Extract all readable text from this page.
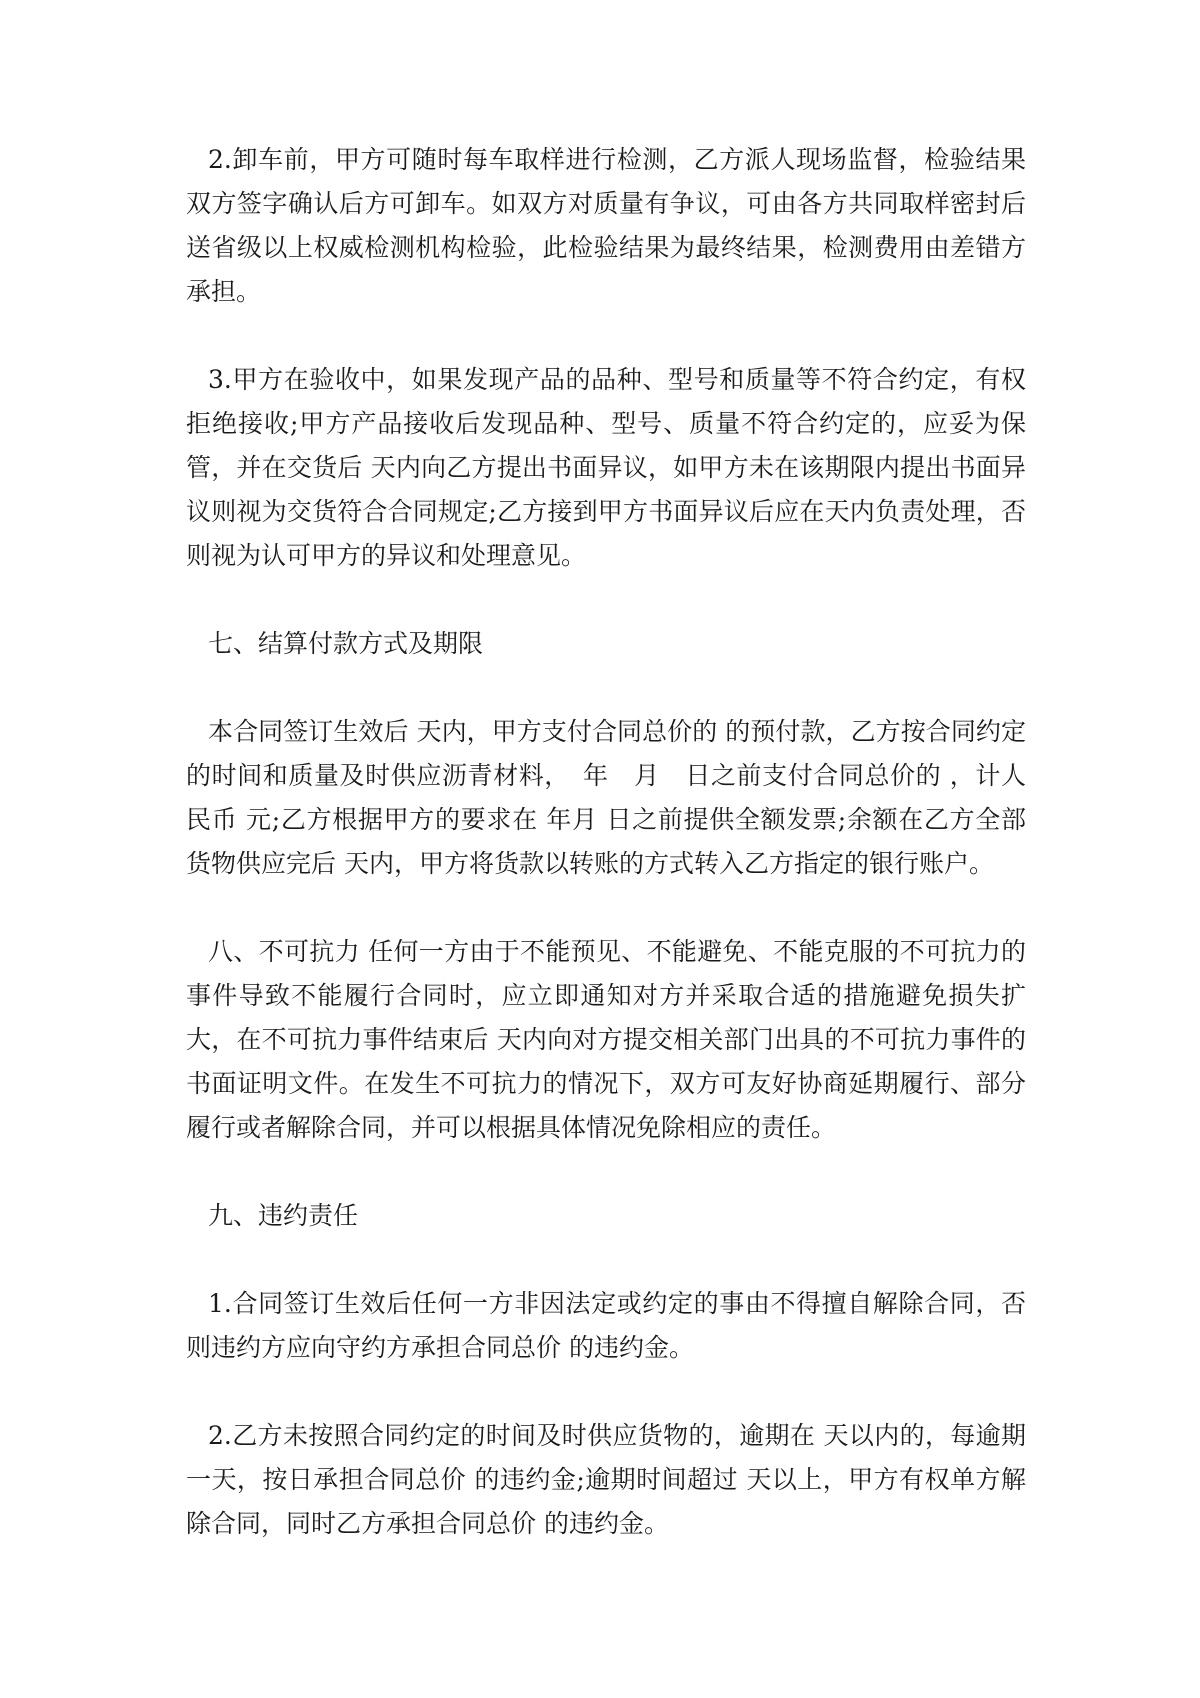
2.卸车前，甲方可随时每车取样进行检测，乙方派人现场监督，检验结果双方签字确认后方可卸车。如双方对质量有争议，可由各方共同取样密封后送省级以上权威检测机构检验，此检验结果为最终结果，检测费用由差错方承担。

3.甲方在验收中，如果发现产品的品种、型号和质量等不符合约定，有权拒绝接收;甲方产品接收后发现品种、型号、质量不符合约定的，应妥为保管，并在交货后 天内向乙方提出书面异议，如甲方未在该期限内提出书面异议则视为交货符合合同规定;乙方接到甲方书面异议后应在天内负责处理，否则视为认可甲方的异议和处理意见。

七、结算付款方式及期限

本合同签订生效后 天内，甲方支付合同总价的 的预付款，乙方按合同约定的时间和质量及时供应沥青材料，　年　月　日之前支付合同总价的 ，计人民币 元;乙方根据甲方的要求在 年月 日之前提供全额发票;余额在乙方全部货物供应完后 天内，甲方将货款以转账的方式转入乙方指定的银行账户。

八、不可抗力 任何一方由于不能预见、不能避免、不能克服的不可抗力的事件导致不能履行合同时，应立即通知对方并采取合适的措施避免损失扩大，在不可抗力事件结束后 天内向对方提交相关部门出具的不可抗力事件的书面证明文件。在发生不可抗力的情况下，双方可友好协商延期履行、部分履行或者解除合同，并可以根据具体情况免除相应的责任。

九、违约责任

1.合同签订生效后任何一方非因法定或约定的事由不得擅自解除合同，否则违约方应向守约方承担合同总价 的违约金。

2.乙方未按照合同约定的时间及时供应货物的，逾期在 天以内的，每逾期一天，按日承担合同总价 的违约金;逾期时间超过 天以上，甲方有权单方解除合同，同时乙方承担合同总价 的违约金。
